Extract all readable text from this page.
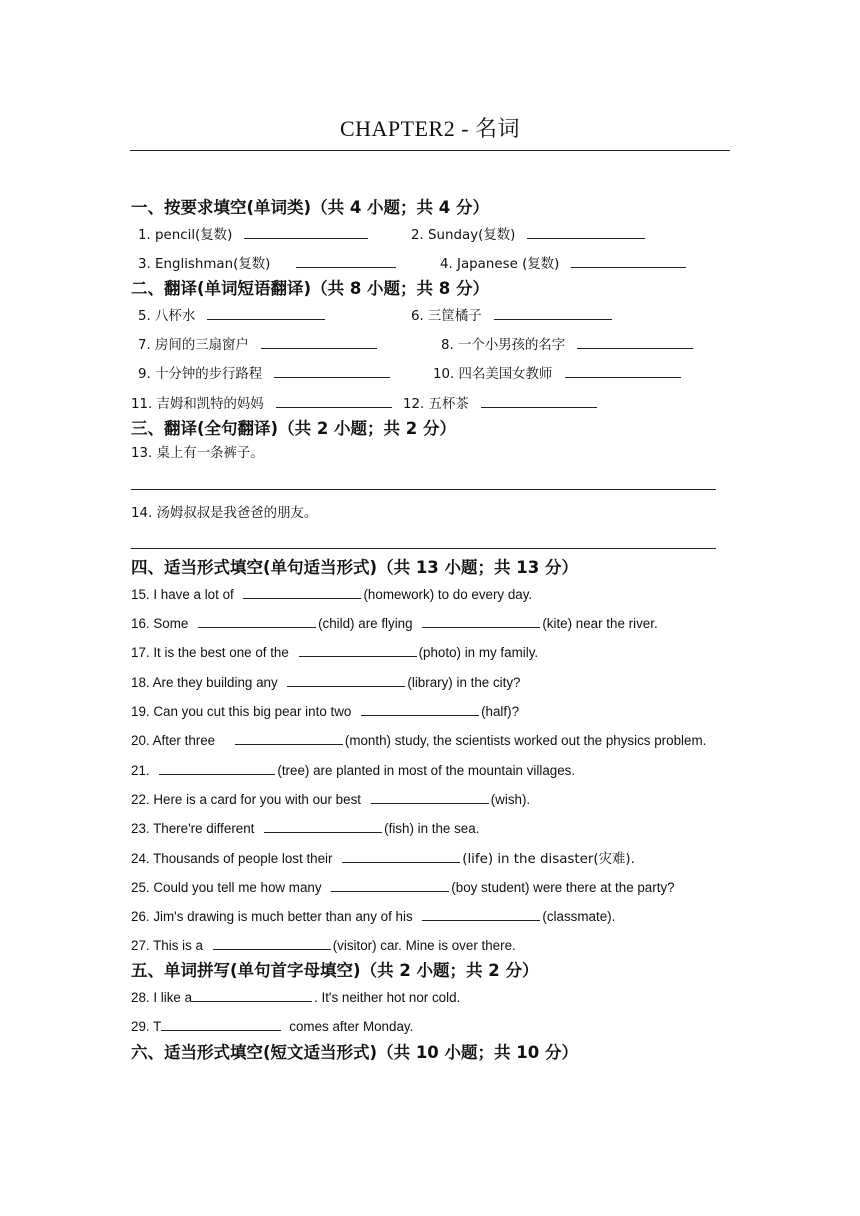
CHAPTER2 - 名词
一、按要求填空(单词类)（共 4 小题；共 4 分）
1. pencil(复数)	2. Sunday(复数)
3. Englishman(复数)	4. Japanese (复数)
二、翻译(单词短语翻译)（共 8 小题；共 8 分）
5. 八杯水	6. 三筐橘子
7. 房间的三扇窗户	8. 一个小男孩的名字
9. 十分钟的步行路程	10. 四名美国女教师
11. 吉姆和凯特的妈妈	12. 五杯茶
三、翻译(全句翻译)（共 2 小题；共 2 分）
13. 桌上有一条裤子。
14. 汤姆叔叔是我爸爸的朋友。
四、适当形式填空(单句适当形式)（共 13 小题；共 13 分）
15. I have a lot of	(homework) to do every day.
16. Some	(child) are flying	(kite) near the river.
17. It is the best one of the	(photo) in my family.
18. Are they building any	(library) in the city?
19. Can you cut this big pear into two	(half)?
20. After three	(month) study, the scientists worked out the physics problem.
21.	(tree) are planted in most of the mountain villages.
22. Here is a card for you with our best	(wish).
23. There're different	(fish) in the sea.
24. Thousands of people lost their	(life) in the disaster(灾难).
25. Could you tell me how many	(boy student) were there at the party?
26. Jim's drawing is much better than any of his	(classmate).
27. This is a	(visitor) car. Mine is over there.
五、单词拼写(单句首字母填空)（共 2 小题；共 2 分）
28. I like a	. It's neither hot nor cold.
29. T	comes after Monday.
六、适当形式填空(短文适当形式)（共 10 小题；共 10 分）
